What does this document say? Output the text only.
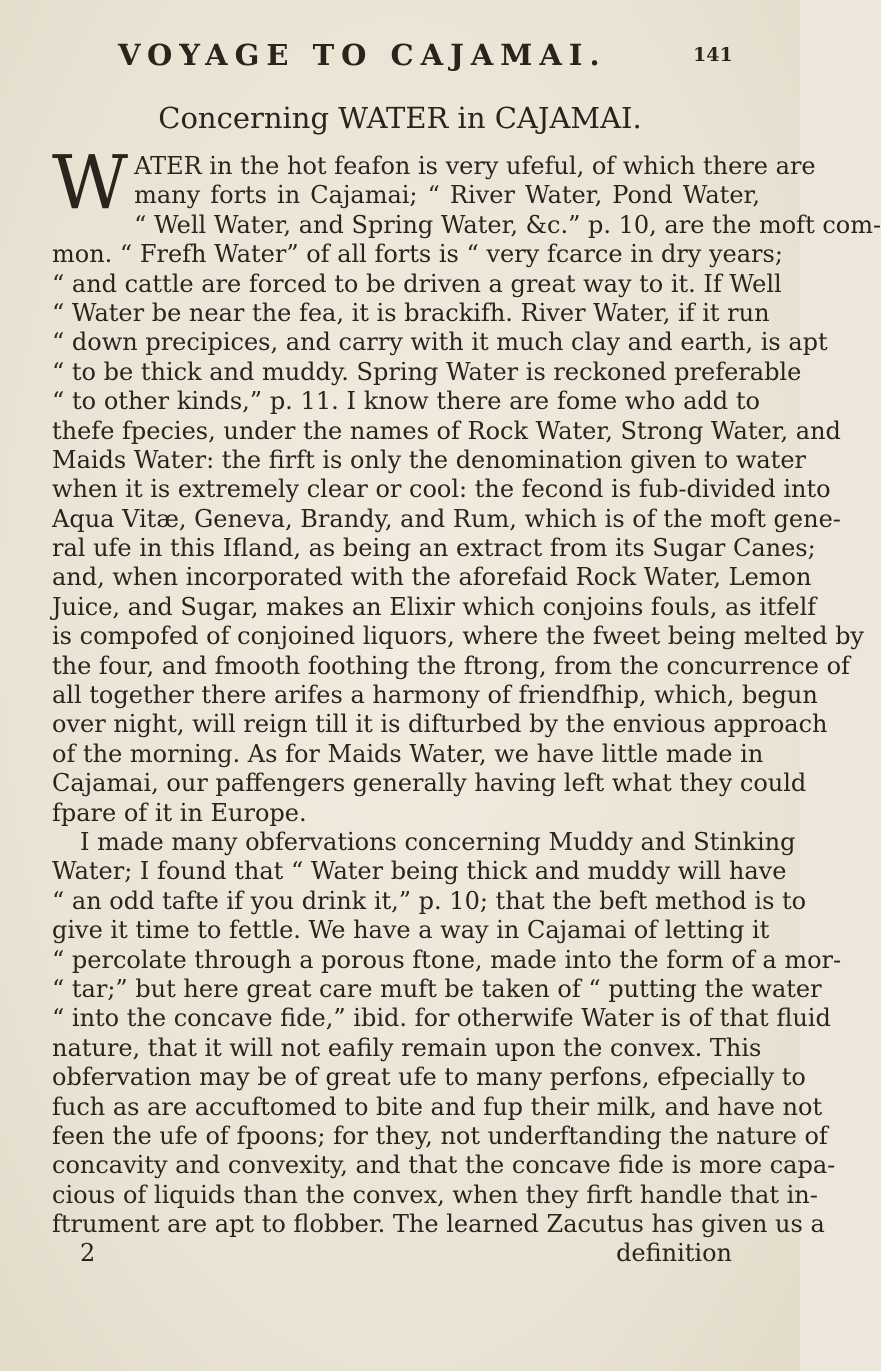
VOYAGE TO CAJAMAI.	141
Concerning WATER in CAJAMAI.
W ATER in the hot feafon is very ufeful, of which there are
many forts in Cajamai; “ River Water, Pond Water,
“ Well Water, and Spring Water, &c.” p. 10, are the moft com-
mon. “ Frefh Water” of all forts is “ very fcarce in dry years;
“ and cattle are forced to be driven a great way to it. If Well
“ Water be near the fea, it is brackifh. River Water, if it run
“ down precipices, and carry with it much clay and earth, is apt
“ to be thick and muddy. Spring Water is reckoned preferable
“ to other kinds,” p. 11. I know there are fome who add to
thefe fpecies, under the names of Rock Water, Strong Water, and
Maids Water: the firft is only the denomination given to water
when it is extremely clear or cool: the fecond is fub-divided into
Aqua Vitæ, Geneva, Brandy, and Rum, which is of the moft gene-
ral ufe in this Ifland, as being an extract from its Sugar Canes;
and, when incorporated with the aforefaid Rock Water, Lemon
Juice, and Sugar, makes an Elixir which conjoins fouls, as itfelf
is compofed of conjoined liquors, where the fweet being melted by
the four, and fmooth foothing the ftrong, from the concurrence of
all together there arifes a harmony of friendfhip, which, begun
over night, will reign till it is difturbed by the envious approach
of the morning. As for Maids Water, we have little made in
Cajamai, our paffengers generally having left what they could
fpare of it in Europe.
I made many obfervations concerning Muddy and Stinking
Water; I found that “ Water being thick and muddy will have
“ an odd tafte if you drink it,” p. 10; that the beft method is to
give it time to fettle. We have a way in Cajamai of letting it
“ percolate through a porous ftone, made into the form of a mor-
“ tar;” but here great care muft be taken of “ putting the water
“ into the concave fide,” ibid. for otherwife Water is of that fluid
nature, that it will not eafily remain upon the convex. This
obfervation may be of great ufe to many perfons, efpecially to
fuch as are accuftomed to bite and fup their milk, and have not
feen the ufe of fpoons; for they, not underftanding the nature of
concavity and convexity, and that the concave fide is more capa-
cious of liquids than the convex, when they firft handle that in-
ftrument are apt to flobber. The learned Zacutus has given us a
2	definition
